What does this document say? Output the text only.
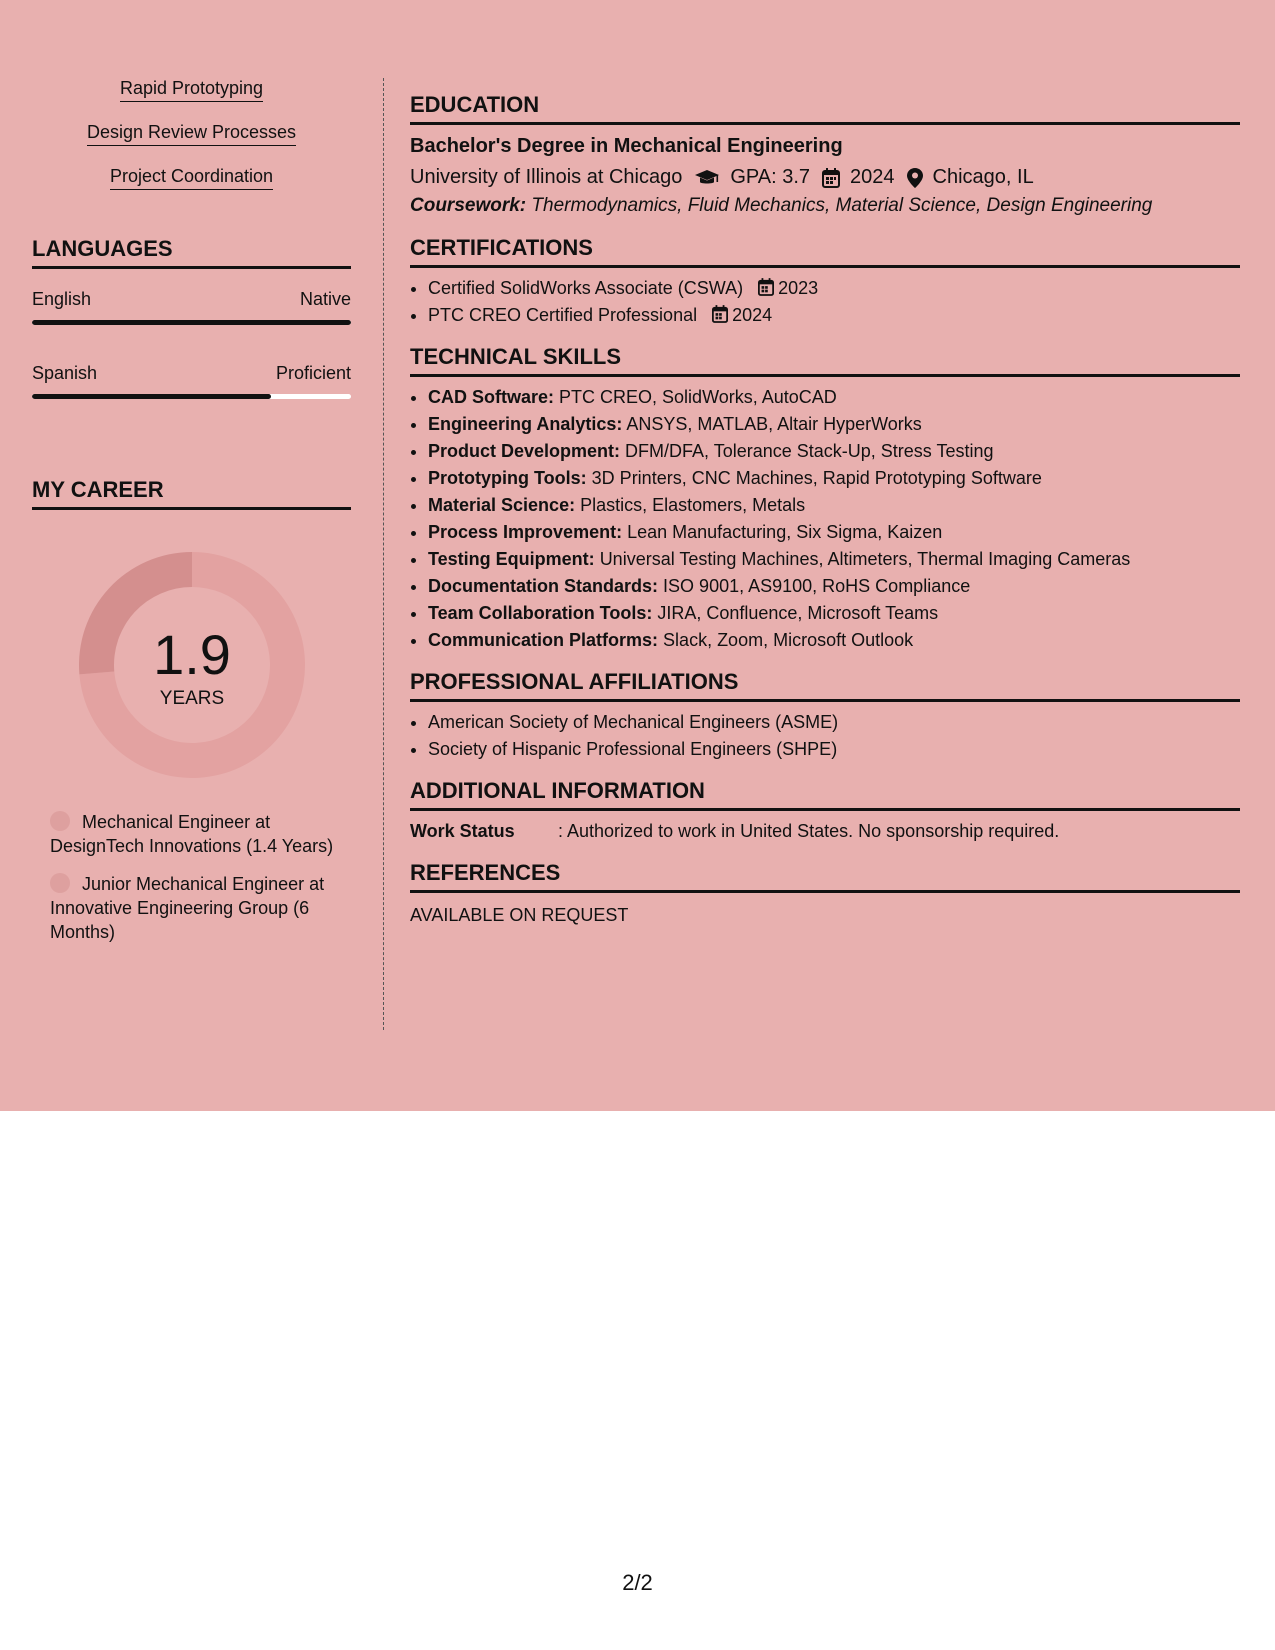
Rapid Prototyping
Design Review Processes
Project Coordination
LANGUAGES
English	Native
Spanish	Proficient
MY CAREER
1.9
YEARS
Mechanical Engineer at DesignTech Innovations (1.4 Years)
Junior Mechanical Engineer at Innovative Engineering Group (6 Months)
EDUCATION
Bachelor's Degree in Mechanical Engineering
University of Illinois at Chicago GPA: 3.7 2024 Chicago, IL
Coursework: Thermodynamics, Fluid Mechanics, Material Science, Design Engineering
CERTIFICATIONS
• Certified SolidWorks Associate (CSWA) 2023
• PTC CREO Certified Professional 2024
TECHNICAL SKILLS
• CAD Software: PTC CREO, SolidWorks, AutoCAD
• Engineering Analytics: ANSYS, MATLAB, Altair HyperWorks
• Product Development: DFM/DFA, Tolerance Stack-Up, Stress Testing
• Prototyping Tools: 3D Printers, CNC Machines, Rapid Prototyping Software
• Material Science: Plastics, Elastomers, Metals
• Process Improvement: Lean Manufacturing, Six Sigma, Kaizen
• Testing Equipment: Universal Testing Machines, Altimeters, Thermal Imaging Cameras
• Documentation Standards: ISO 9001, AS9100, RoHS Compliance
• Team Collaboration Tools: JIRA, Confluence, Microsoft Teams
• Communication Platforms: Slack, Zoom, Microsoft Outlook
PROFESSIONAL AFFILIATIONS
• American Society of Mechanical Engineers (ASME)
• Society of Hispanic Professional Engineers (SHPE)
ADDITIONAL INFORMATION
Work Status	: Authorized to work in United States. No sponsorship required.
REFERENCES
AVAILABLE ON REQUEST
2/2
